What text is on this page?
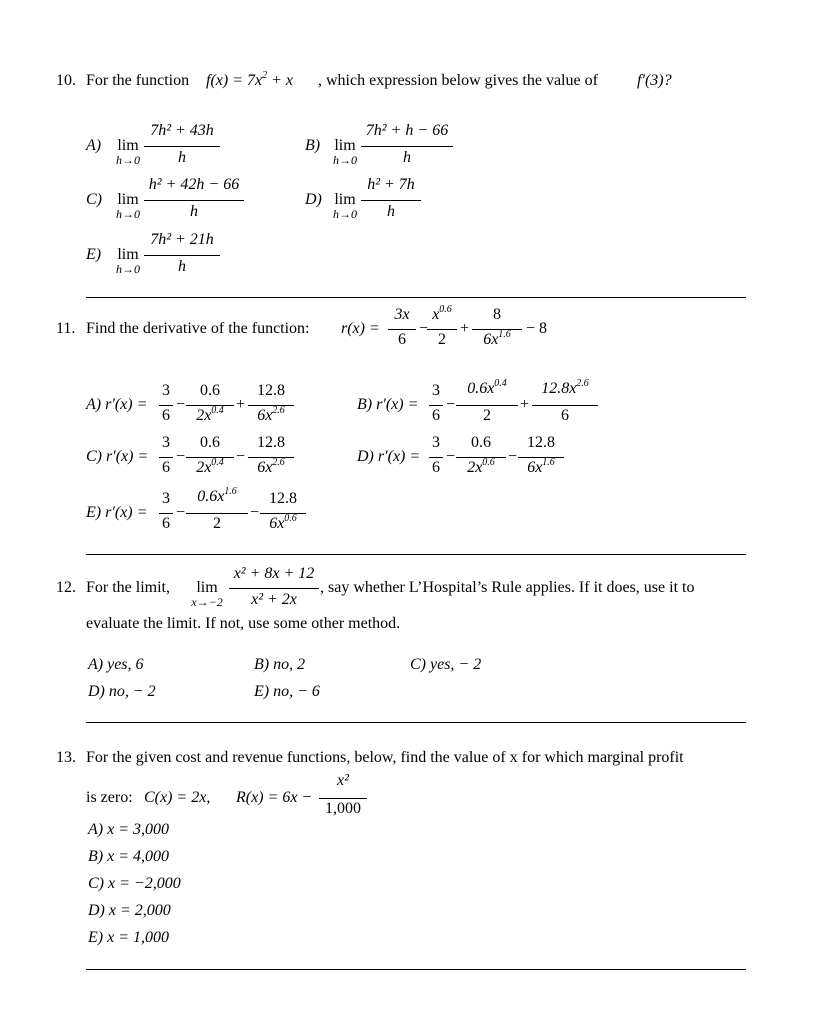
10. For the function $f(x) = 7x^2 + x$ , which expression below gives the value of f′(3)?
A)	lim
h→0
7h² + 43h
h
B) lim
h→0
7h² + h − 66
h
C) lim
h→0
h² + 42h − 66
h
D) lim
h→0
h² + 7h
h
E)	lim
h→0
7h² + 21h
h
11. Find the derivative of the function: r(x) =
3x
6
−
$x^{0.6}$
2
+
8
$6x^{1.6} - 8$
A) r′(x) =
3
6
−
0.6
$2x^{0.4}$ +
12.8
$6x^{2.6}$	B) r′(x) =
3
6
−
$0.6x^{0.4}$
2
+
$12.8x^{2.6}$
6
C) r′(x) =
3
6
−
0.6
$2x^{0.4}$ −
12.8
$6x^{2.6}$	D) r′(x) =
3
6
−
0.6
$2x^{0.6}$ −
12.8
$6x^{1.6}$
E) r′(x) =
3
6
−
$0.6x^{1.6}$
2
−
12.8
$6x^{0.6}$
12. For the limit,	lim
x→−2
x² + 8x + 12
x² + 2x
, say whether L’Hospital’s Rule applies. If it does, use it to
evaluate the limit. If not, use some other method.
A) yes, 6	B) no, 2	C) yes, − 2
D) no, − 2	E) no, − 6
13. For the given cost and revenue functions, below, find the value of x for which marginal profit
is zero: C(x) = 2x, R(x) = 6x −
x²
1,000
A) x = 3,000
B) x = 4,000
C) x = −2,000
D) x = 2,000
E) x = 1,000
